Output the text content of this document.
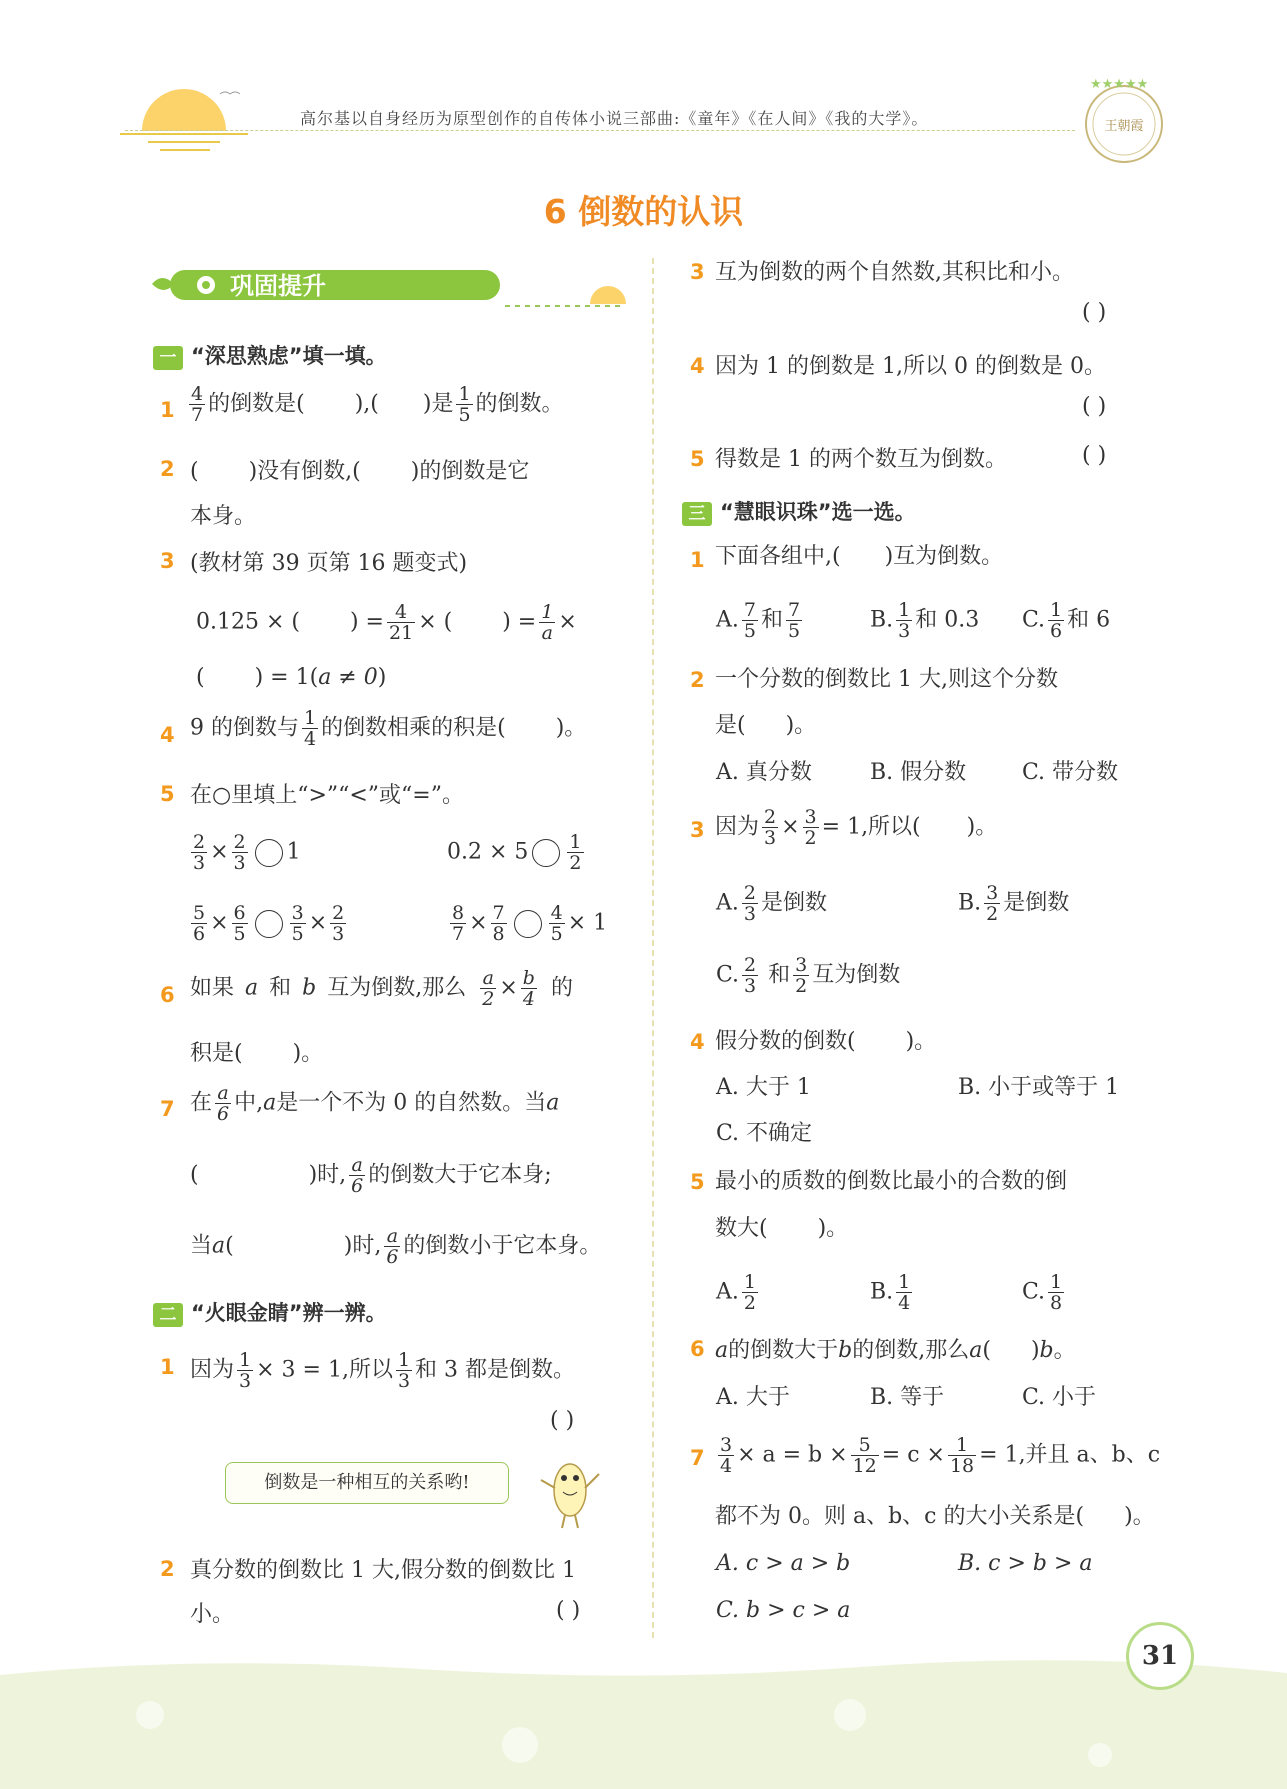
高尔基以自身经历为原型创作的自传体小说三部曲:《童年》《在人间》《我的大学》。
★★★★★
王朝霞
6 倒数的认识
巩固提升
一 “深思熟虑”填一填。
$1 \frac{4}{7}$ 的倒数是( ),( )是 $\frac{1}{5}$ 的倒数。
2 ( )没有倒数,( )的倒数是它
本身。
3 (教材第 39 页第 16 题变式)
0.125 × ( ) = $\frac{4}{21}$ × ( ) = $\frac{1}{a}$ ×
( ) = 1(a ≠ 0)
4 9 的倒数与 $\frac{1}{4}$ 的倒数相乘的积是( )。
5 在○里填上“>”“<”或“=”。
$\frac{2}{3} \times \frac{2}{3} 1$	$0.2 \times 5 \frac{1}{2}$
$\frac{5}{6} \times \frac{6}{5} \frac{3}{5} \times \frac{2}{3}$	$\frac{8}{7} \times \frac{7}{8} \frac{4}{5} \times 1$
6 如果 a 和 b 互为倒数,那么 $\frac{a}{2} \times \frac{b}{4}$ 的
积是( )。
7 在 $\frac{a}{6}$ 中,a是一个不为 0 的自然数。当a
(	)时, $\frac{a}{6}$ 的倒数大于它本身;
当a(	)时, $\frac{a}{6}$ 的倒数小于它本身。
二 “火眼金睛”辨一辨。
1 因为 $\frac{1}{3} \times 3 = 1$,所以 $\frac{1}{3}$ 和 3 都是倒数。
( )
倒数是一种相互的关系哟!
2 真分数的倒数比 1 大,假分数的倒数比 1
小。	( )
3 互为倒数的两个自然数,其积比和小。
( )
4 因为 1 的倒数是 1,所以 0 的倒数是 0。
( )
5 得数是 1 的两个数互为倒数。	( )
三 “慧眼识珠”选一选。
1 下面各组中,( )互为倒数。
A. $\frac{7}{5}$ 和 $\frac{7}{5}$	B. $\frac{1}{3}$ 和 0.3 C. $\frac{1}{6}$ 和 6
2 一个分数的倒数比 1 大,则这个分数
是( )。
A. 真分数	B. 假分数	C. 带分数
3 因为 $\frac{2}{3} \times \frac{3}{2} = 1$,所以( )。
A. $\frac{2}{3}$ 是倒数	B. $\frac{3}{2}$ 是倒数
C. $\frac{2}{3}$ 和 $\frac{3}{2}$ 互为倒数
4 假分数的倒数( )。
A. 大于 1	B. 小于或等于 1
C. 不确定
5 最小的质数的倒数比最小的合数的倒
数大( )。
A. $\frac{1}{2}$	B. $\frac{1}{4}$	C. $\frac{1}{8}$
6 a的倒数大于b的倒数,那么a( )b。
A. 大于	B. 等于	C. 小于
$7 \frac{3}{4} \times a = b \times \frac{5}{12} = c \times \frac{1}{18} = 1$,并且 a、b、c
都不为 0。则 a、b、c 的大小关系是( )。
A. c > a > b	B. c > b > a
C. b > c > a
31
